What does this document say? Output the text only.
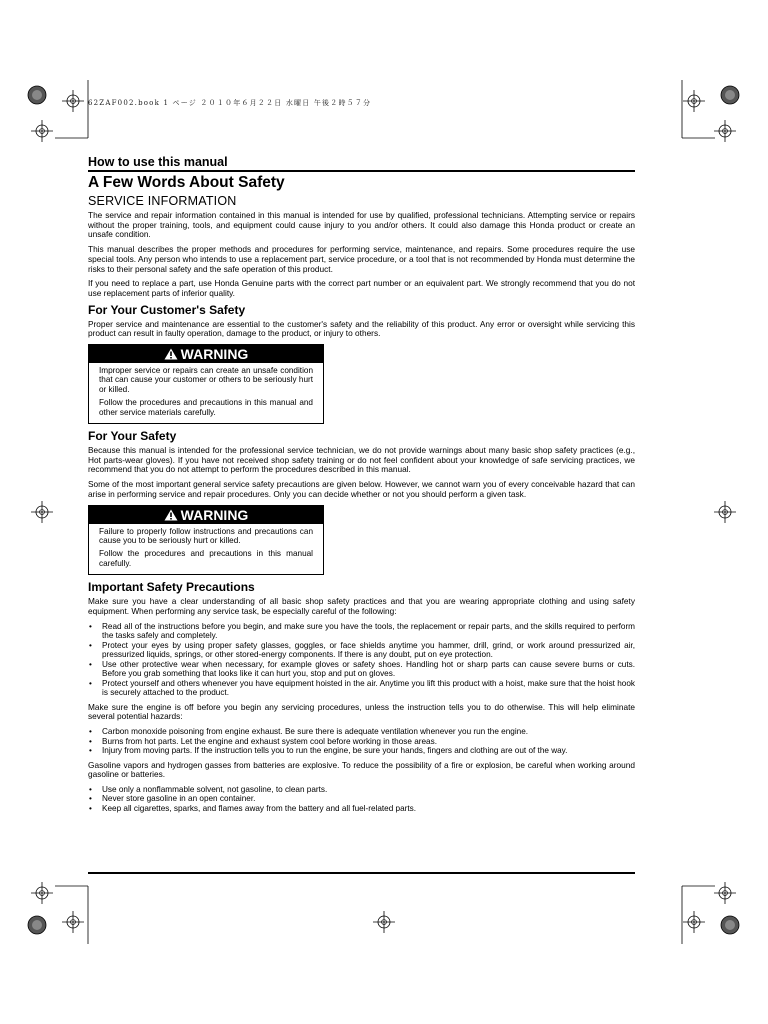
62ZAF002.book 1 ページ ２０１０年６月２２日 水曜日 午後２時５７分
How to use this manual
A Few Words About Safety
SERVICE INFORMATION

The service and repair information contained in this manual is intended for use by qualified, professional technicians. Attempting service or repairs without the proper training, tools, and equipment could cause injury to you and/or others. It could also damage this Honda product or create an unsafe condition.

This manual describes the proper methods and procedures for performing service, maintenance, and repairs. Some procedures require the use special tools. Any person who intends to use a replacement part, service procedure, or a tool that is not recommended by Honda must determine the risks to their personal safety and the safe operation of this product.

If you need to replace a part, use Honda Genuine parts with the correct part number or an equivalent part. We strongly recommend that you do not use replacement parts of inferior quality.

For Your Customer's Safety

Proper service and maintenance are essential to the customer's safety and the reliability of this product. Any error or oversight while servicing this product can result in faulty operation, damage to the product, or injury to others.

WARNING

Improper service or repairs can create an unsafe condition that can cause your customer or others to be seriously hurt or killed.

Follow the procedures and precautions in this manual and other service materials carefully.

For Your Safety

Because this manual is intended for the professional service technician, we do not provide warnings about many basic shop safety practices (e.g., Hot parts-wear gloves). If you have not received shop safety training or do not feel confident about your knowledge of safe servicing practices, we recommend that you do not attempt to perform the procedures described in this manual.

Some of the most important general service safety precautions are given below. However, we cannot warn you of every conceivable hazard that can arise in performing service and repair procedures. Only you can decide whether or not you should perform a given task.

WARNING

Failure to properly follow instructions and precautions can cause you to be seriously hurt or killed.

Follow the procedures and precautions in this manual carefully.

Important Safety Precautions

Make sure you have a clear understanding of all basic shop safety practices and that you are wearing appropriate clothing and using safety equipment. When performing any service task, be especially careful of the following:

• Read all of the instructions before you begin, and make sure you have the tools, the replacement or repair parts, and the skills required to perform the tasks safely and completely.
• Protect your eyes by using proper safety glasses, goggles, or face shields anytime you hammer, drill, grind, or work around pressurized air, pressurized liquids, springs, or other stored-energy components. If there is any doubt, put on eye protection.
• Use other protective wear when necessary, for example gloves or safety shoes. Handling hot or sharp parts can cause severe burns or cuts. Before you grab something that looks like it can hurt you, stop and put on gloves.
• Protect yourself and others whenever you have equipment hoisted in the air. Anytime you lift this product with a hoist, make sure that the hoist hook is securely attached to the product.

Make sure the engine is off before you begin any servicing procedures, unless the instruction tells you to do otherwise. This will help eliminate several potential hazards:

• Carbon monoxide poisoning from engine exhaust. Be sure there is adequate ventilation whenever you run the engine.
• Burns from hot parts. Let the engine and exhaust system cool before working in those areas.
• Injury from moving parts. If the instruction tells you to run the engine, be sure your hands, fingers and clothing are out of the way.

Gasoline vapors and hydrogen gasses from batteries are explosive. To reduce the possibility of a fire or explosion, be careful when working around gasoline or batteries.

• Use only a nonflammable solvent, not gasoline, to clean parts.
• Never store gasoline in an open container.
• Keep all cigarettes, sparks, and flames away from the battery and all fuel-related parts.
